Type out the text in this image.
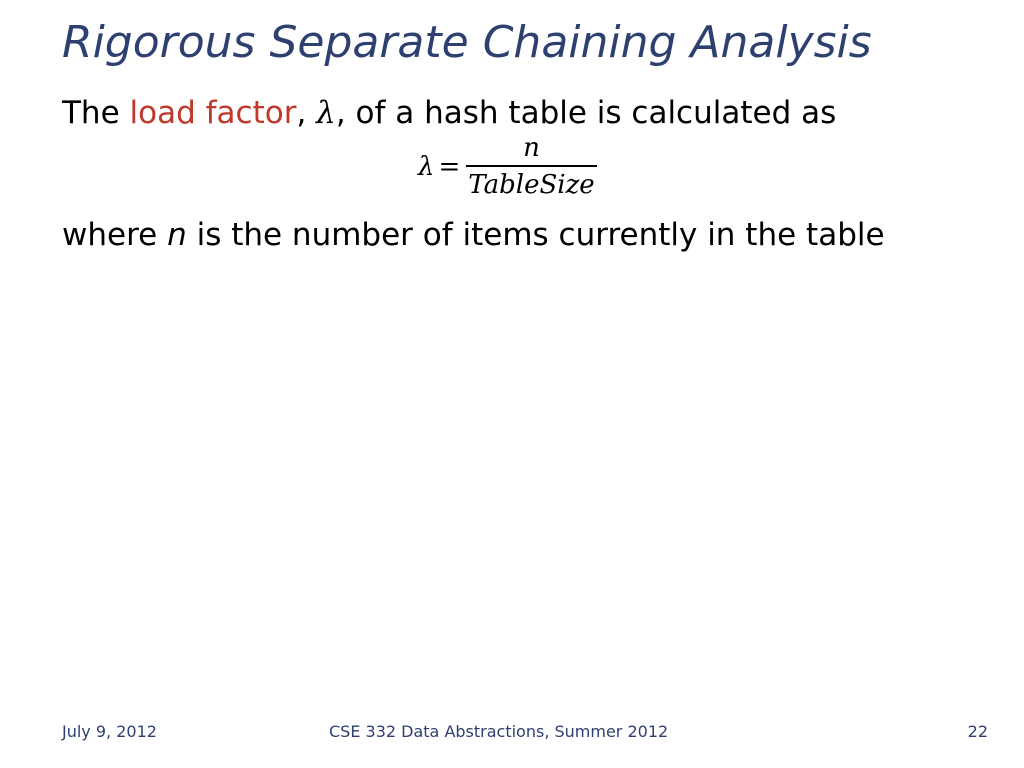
Rigorous Separate Chaining Analysis
The load factor, λ, of a hash table is calculated as
$\lambda = \frac{n}{\text{TableSize}}$
where n is the number of items currently in the table
July 9, 2012	CSE 332 Data Abstractions, Summer 2012	22
